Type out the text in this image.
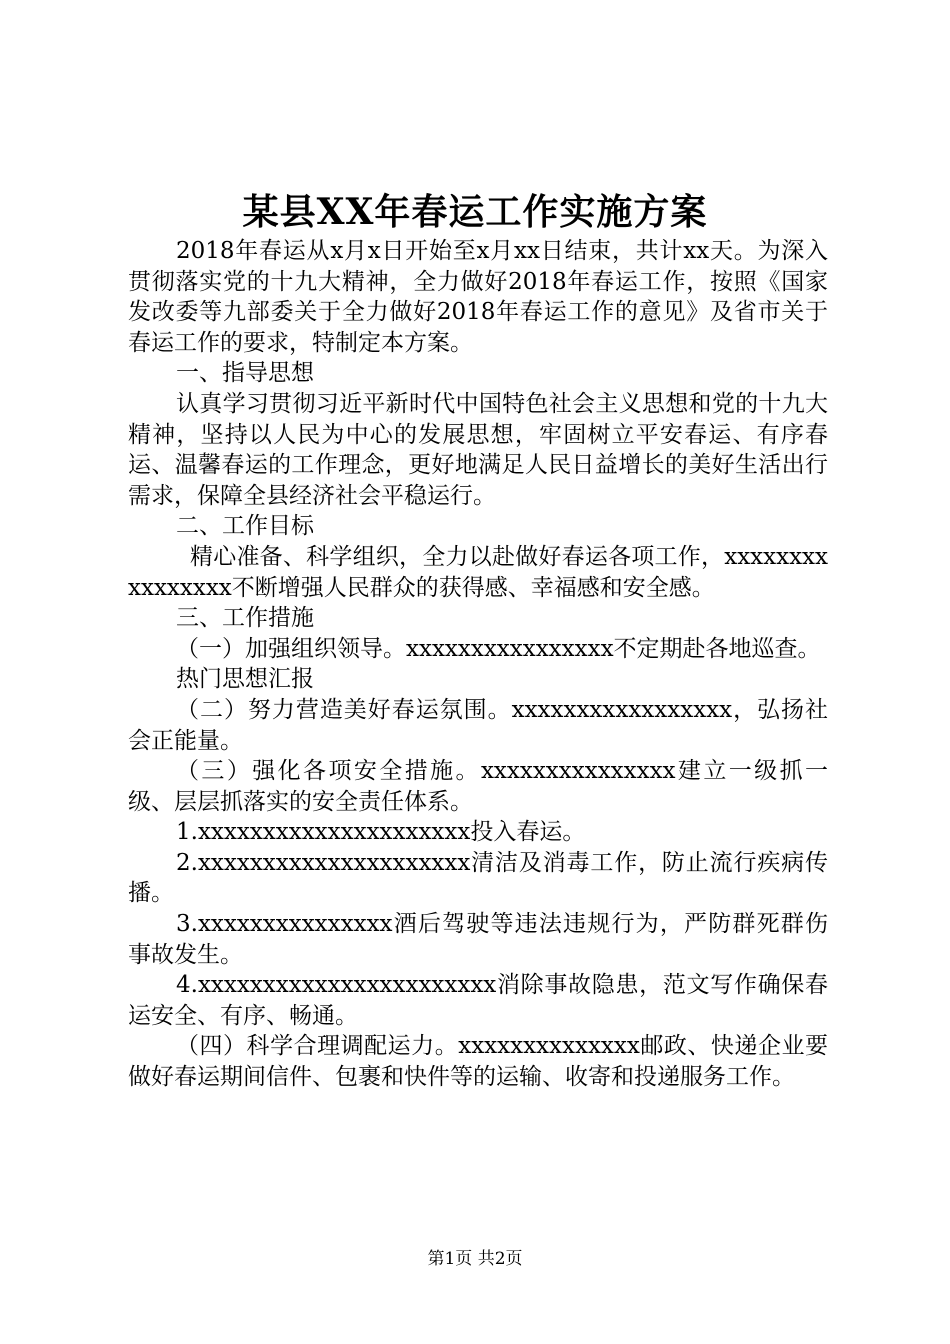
某县XX年春运工作实施方案

2018年春运从x月x日开始至x月xx日结束，共计xx天。为深入贯彻落实党的十九大精神，全力做好2018年春运工作，按照《国家发改委等九部委关于全力做好2018年春运工作的意见》及省市关于春运工作的要求，特制定本方案。

一、指导思想

认真学习贯彻习近平新时代中国特色社会主义思想和党的十九大精神，坚持以人民为中心的发展思想，牢固树立平安春运、有序春运、温馨春运的工作理念，更好地满足人民日益增长的美好生活出行需求，保障全县经济社会平稳运行。

二、工作目标

精心准备、科学组织，全力以赴做好春运各项工作，xxxxxxxxxxxxxxxx不断增强人民群众的获得感、幸福感和安全感。

三、工作措施

（一）加强组织领导。xxxxxxxxxxxxxxxx不定期赴各地巡查。

热门思想汇报

（二）努力营造美好春运氛围。xxxxxxxxxxxxxxxxx，弘扬社会正能量。

（三）强化各项安全措施。xxxxxxxxxxxxxxx建立一级抓一级、层层抓落实的安全责任体系。

1.xxxxxxxxxxxxxxxxxxxxx投入春运。

2.xxxxxxxxxxxxxxxxxxxxx清洁及消毒工作，防止流行疾病传播。

3.xxxxxxxxxxxxxxx酒后驾驶等违法违规行为，严防群死群伤事故发生。

4.xxxxxxxxxxxxxxxxxxxxxxx消除事故隐患，范文写作确保春运安全、有序、畅通。

（四）科学合理调配运力。xxxxxxxxxxxxxx邮政、快递企业要做好春运期间信件、包裹和快件等的运输、收寄和投递服务工作。

第1页 共2页
